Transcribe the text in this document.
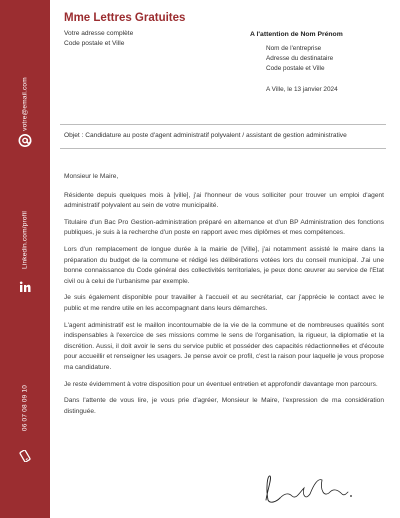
votre@email.com
Linkedin.com/profil
06 07 08 09 10
Mme Lettres Gratuites
Votre adresse complète
Code postale et Ville
A l'attention de Nom Prénom
Nom de l'entreprise
Adresse du destinataire
Code postale et Ville
A Ville, le 13 janvier 2024
Objet : Candidature au poste d'agent administratif polyvalent / assistant de gestion administrative

Monsieur le Maire,

Résidente depuis quelques mois à [ville], j'ai l'honneur de vous solliciter pour trouver un emploi d'agent administratif polyvalent au sein de votre municipalité.

Titulaire d'un Bac Pro Gestion-administration préparé en alternance et d'un BP Administration des fonctions publiques, je suis à la recherche d'un poste en rapport avec mes diplômes et mes compétences.

Lors d'un remplacement de longue durée à la mairie de [Ville], j'ai notamment assisté le maire dans la préparation du budget de la commune et rédigé les délibérations votées lors du conseil municipal. J'ai une bonne connaissance du Code général des collectivités territoriales, je peux donc œuvrer au service de l'Etat civil ou à celui de l'urbanisme par exemple.

Je suis également disponible pour travailler à l'accueil et au secrétariat, car j'apprécie le contact avec le public et me rendre utile en les accompagnant dans leurs démarches.

L'agent administratif est le maillon incontournable de la vie de la commune et de nombreuses qualités sont indispensables à l'exercice de ses missions comme le sens de l'organisation, la rigueur, la diplomatie et la discrétion. Aussi, il doit avoir le sens du service public et posséder des capacités rédactionnelles et d'écoute pour accueillir et renseigner les usagers. Je pense avoir ce profil, c'est la raison pour laquelle je vous propose ma candidature.

Je reste évidemment à votre disposition pour un éventuel entretien et approfondir davantage mon parcours.

Dans l'attente de vous lire, je vous prie d'agréer, Monsieur le Maire, l'expression de ma considération distinguée.
